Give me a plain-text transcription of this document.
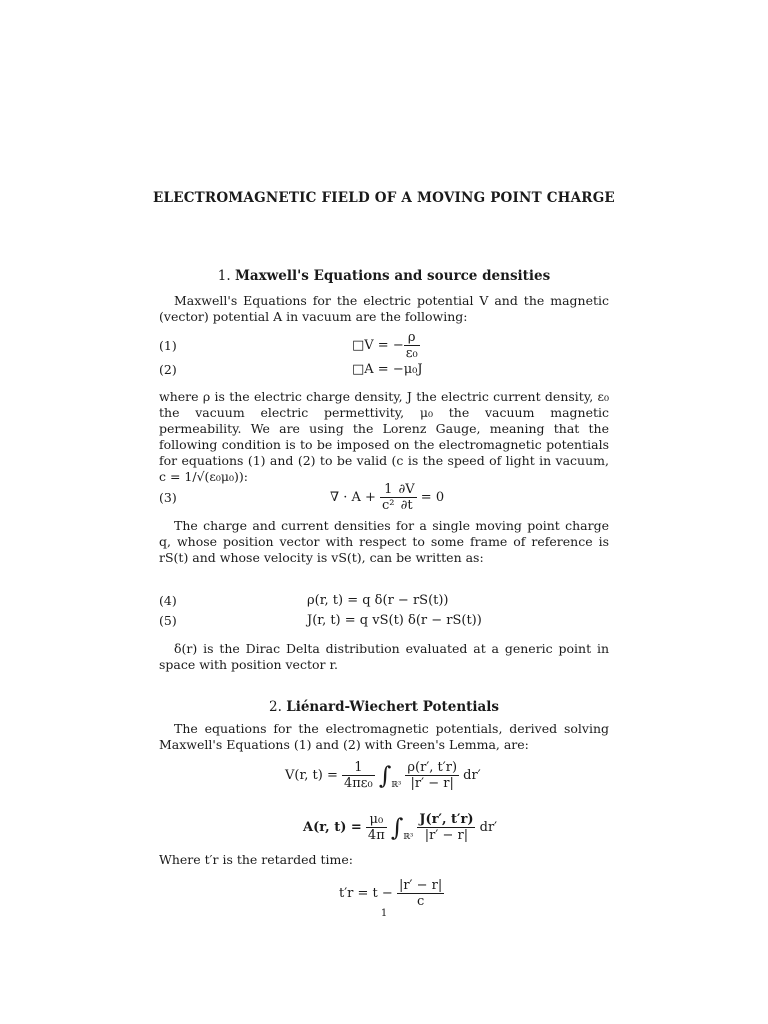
ELECTROMAGNETIC FIELD OF A MOVING POINT CHARGE
1. Maxwell's Equations and source densities
Maxwell's Equations for the electric potential V and the magnetic (vector) potential A in vacuum are the following:
(1)	□V = − $\frac{\rho}{\text{ε₀}}$
(2)	□A = −μ₀J
where ρ is the electric charge density, J the electric current density, ε₀ the vacuum electric permettivity, μ₀ the vacuum magnetic permeability. We are using the Lorenz Gauge, meaning that the following condition is to be imposed on the electromagnetic potentials for equations (1) and (2) to be valid (c is the speed of light in vacuum, c = 1/√(ε₀μ₀)):
(3)	∇ · $A + \frac{1}{\text{c²}} \frac{\partial V}{\partial t} = 0$
The charge and current densities for a single moving point charge q, whose position vector with respect to some frame of reference is rS(t) and whose velocity is vS(t), can be written as:
(4)	ρ(r, t) = q δ(r − rS(t))
(5)	J(r, t) = q vS(t) δ(r − rS(t))
δ(r) is the Dirac Delta distribution evaluated at a generic point in space with position vector r.
2. Liénard-Wiechert Potentials
The equations for the electromagnetic potentials, derived solving Maxwell's Equations (1) and (2) with Green's Lemma, are:
V(r, $t) = \frac{1}{\text{4πε₀}} \int_{ℝ^3} \frac{\rho(r', t'r)}{|r' - r|} dr'$
A(r, $t) = \frac{\text{μ₀}}{4\pi} \int_{ℝ^3} \frac{J(r', t'r)}{|r' - r|} dr'$
Where t′r is the retarded time:
$t'r = t - \frac{|r' - r|}{c}$
1
